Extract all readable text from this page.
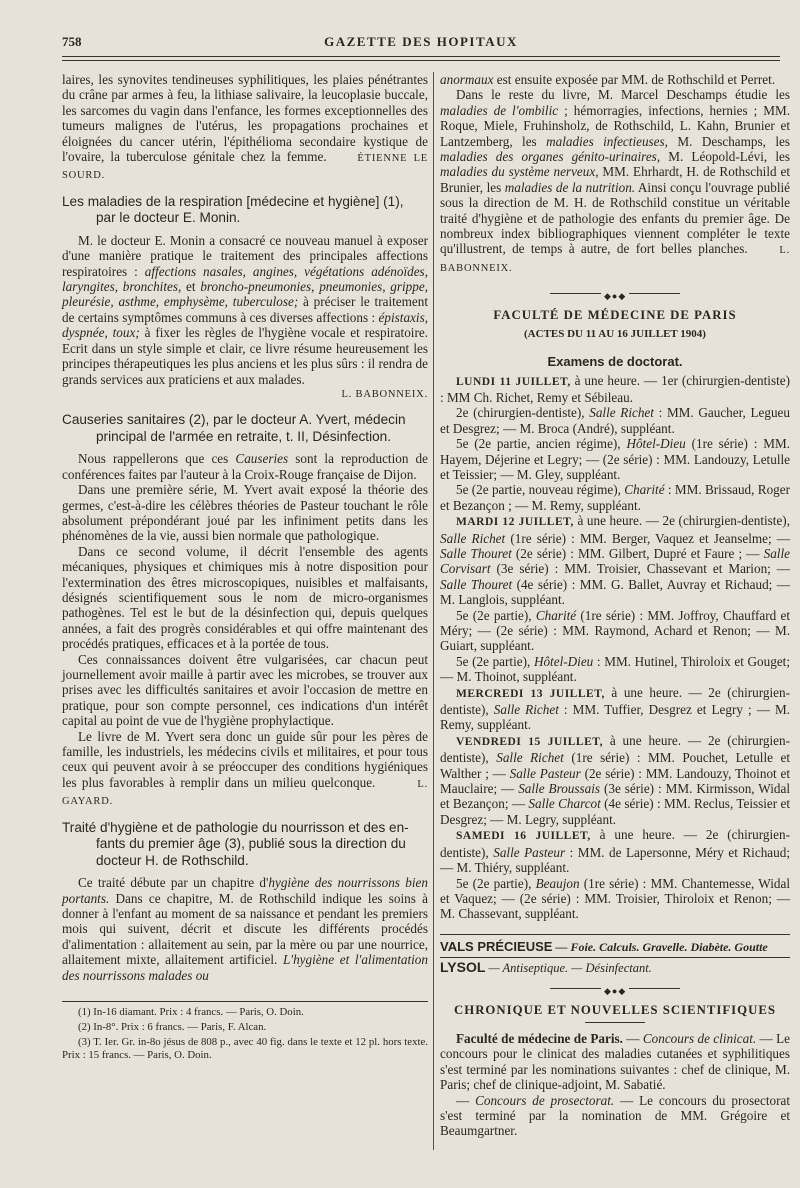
758	GAZETTE DES HOPITAUX

laires, les synovites tendineuses syphilitiques, les plaies pénétrantes du crâne par armes à feu, la lithiase salivaire, la leucoplasie buccale, les sarcomes du vagin dans l'enfance, les formes exceptionnelles des tumeurs malignes de l'utérus, les propagations prochaines et éloignées du cancer utérin, l'épithélioma secondaire kystique de l'ovaire, la tuberculose génitale chez la femme.	ÉTIENNE LE SOURD.

Les maladies de la respiration [médecine et hygiène] (1),
par le docteur E. Monin.

M. le docteur E. Monin a consacré ce nouveau manuel à exposer d'une manière pratique le traitement des principales affections respiratoires : affections nasales, angines, végétations adénoïdes, laryngites, bronchites, et broncho-pneumonies, pneumonies, grippe, pleurésie, asthme, emphysème, tuberculose; à préciser le traitement de certains symptômes communs à ces diverses affections : épistaxis, dyspnée, toux; à fixer les règles de l'hygiène vocale et respiratoire. Ecrit dans un style simple et clair, ce livre résume heureusement les principes thérapeutiques les plus anciens et les plus sûrs : il rendra de grands services aux praticiens et aux malades.

L. BABONNEIX.

Causeries sanitaires (2), par le docteur A. Yvert, médecin
principal de l'armée en retraite, t. II, Désinfection.

Nous rappellerons que ces Causeries sont la reproduction de conférences faites par l'auteur à la Croix-Rouge française de Dijon.

Dans une première série, M. Yvert avait exposé la théorie des germes, c'est-à-dire les célèbres théories de Pasteur touchant le rôle absolument prépondérant joué par les infiniment petits dans les phénomènes de la vie, aussi bien normale que pathologique.

Dans ce second volume, il décrit l'ensemble des agents mécaniques, physiques et chimiques mis à notre disposition pour l'extermination des êtres microscopiques, nuisibles et malfaisants, désignés scientifiquement sous le nom de micro-organismes pathogènes. Tel est le but de la désinfection qui, depuis quelques années, a fait des progrès considérables et qui offre maintenant des procédés pratiques, efficaces et à la portée de tous.

Ces connaissances doivent être vulgarisées, car chacun peut journellement avoir maille à partir avec les microbes, se trouver aux prises avec les difficultés sanitaires et avoir l'occasion de mettre en pratique, pour son compte personnel, ces indications d'un intérêt capital au point de vue de l'hygiène prophylactique.

Le livre de M. Yvert sera donc un guide sûr pour les pères de famille, les industriels, les médecins civils et militaires, et pour tous ceux qui peuvent avoir à se préoccuper des conditions hygiéniques les plus favorables à remplir dans un milieu quelconque.	L. GAYARD.

Traité d'hygiène et de pathologie du nourrisson et des en-
fants du premier âge (3), publié sous la direction du docteur H. de Rothschild.

Ce traité débute par un chapitre d'hygiène des nourrissons bien portants. Dans ce chapitre, M. de Rothschild indique les soins à donner à l'enfant au moment de sa naissance et pendant les premiers mois qui suivent, décrit et discute les différents procédés d'alimentation : allaitement au sein, par la mère ou par une nourrice, allaitement mixte, allaitement artificiel. L'hygiène et l'alimentation des nourrissons malades ou

(1) In-16 diamant. Prix : 4 francs. — Paris, O. Doin.

(2) In-8°. Prix : 6 francs. — Paris, F. Alcan.

(3) T. Ier. Gr. in-8o jésus de 808 p., avec 40 fig. dans le texte et 12 pl. hors texte. Prix : 15 francs. — Paris, O. Doin.

anormaux est ensuite exposée par MM. de Rothschild et Perret.

Dans le reste du livre, M. Marcel Deschamps étudie les maladies de l'ombilic ; hémorragies, infections, hernies ; MM. Roque, Miele, Fruhinsholz, de Rothschild, L. Kahn, Brunier et Lantzemberg, les maladies infectieuses, M. Deschamps, les maladies des organes génito-urinaires, M. Léopold-Lévi, les maladies du système nerveux, MM. Ehrhardt, H. de Rothschild et Brunier, les maladies de la nutrition. Ainsi conçu l'ouvrage publié sous la direction de M. H. de Rothschild constitue un véritable traité d'hygiène et de pathologie des enfants du premier âge. De nombreux index bibliographiques viennent compléter le texte qu'illustrent, de temps à autre, de fort belles planches.	L. BABONNEIX.

◆●◆
FACULTÉ DE MÉDECINE DE PARIS
(ACTES DU 11 AU 16 JUILLET 1904)
Examens de doctorat.

LUNDI 11 JUILLET, à une heure. — 1er (chirurgien-dentiste) : MM Ch. Richet, Remy et Sébileau.

2e (chirurgien-dentiste), Salle Richet : MM. Gaucher, Legueu et Desgrez; — M. Broca (André), suppléant.

5e (2e partie, ancien régime), Hôtel-Dieu (1re série) : MM. Hayem, Déjerine et Legry; — (2e série) : MM. Landouzy, Letulle et Teissier; — M. Gley, suppléant.

5e (2e partie, nouveau régime), Charité : MM. Brissaud, Roger et Bezançon ; — M. Remy, suppléant.

MARDI 12 JUILLET, à une heure. — 2e (chirurgien-dentiste), Salle Richet (1re série) : MM. Berger, Vaquez et Jeanselme; — Salle Thouret (2e série) : MM. Gilbert, Dupré et Faure ; — Salle Corvisart (3e série) : MM. Troisier, Chassevant et Marion; — Salle Thouret (4e série) : MM. G. Ballet, Auvray et Richaud; — M. Langlois, suppléant.

5e (2e partie), Charité (1re série) : MM. Joffroy, Chauffard et Méry; — (2e série) : MM. Raymond, Achard et Renon; — M. Guiart, suppléant.

5e (2e partie), Hôtel-Dieu : MM. Hutinel, Thiroloix et Gouget; — M. Thoinot, suppléant.

MERCREDI 13 JUILLET, à une heure. — 2e (chirurgien-dentiste), Salle Richet : MM. Tuffier, Desgrez et Legry ; — M. Remy, suppléant.

VENDREDI 15 JUILLET, à une heure. — 2e (chirurgien-dentiste), Salle Richet (1re série) : MM. Pouchet, Letulle et Walther ; — Salle Pasteur (2e série) : MM. Landouzy, Thoinot et Mauclaire; — Salle Broussais (3e série) : MM. Kirmisson, Widal et Bezançon; — Salle Charcot (4e série) : MM. Reclus, Teissier et Desgrez; — M. Legry, suppléant.

SAMEDI 16 JUILLET, à une heure. — 2e (chirurgien-dentiste), Salle Pasteur : MM. de Lapersonne, Méry et Richaud; — M. Thiéry, suppléant.

5e (2e partie), Beaujon (1re série) : MM. Chantemesse, Widal et Vaquez; — (2e série) : MM. Troisier, Thiroloix et Renon; — M. Chassevant, suppléant.

VALS PRÉCIEUSE — Foie. Calculs. Gravelle. Diabète. Goutte
LYSOL — Antiseptique. — Désinfectant.
◆●◆
CHRONIQUE ET NOUVELLES SCIENTIFIQUES

Faculté de médecine de Paris. — Concours de clinicat. — Le concours pour le clinicat des maladies cutanées et syphilitiques s'est terminé par les nominations suivantes : chef de clinique, M. Paris; chef de clinique-adjoint, M. Sabatié.

— Concours de prosectorat. — Le concours du prosectorat s'est terminé par la nomination de MM. Grégoire et Beaumgartner.
